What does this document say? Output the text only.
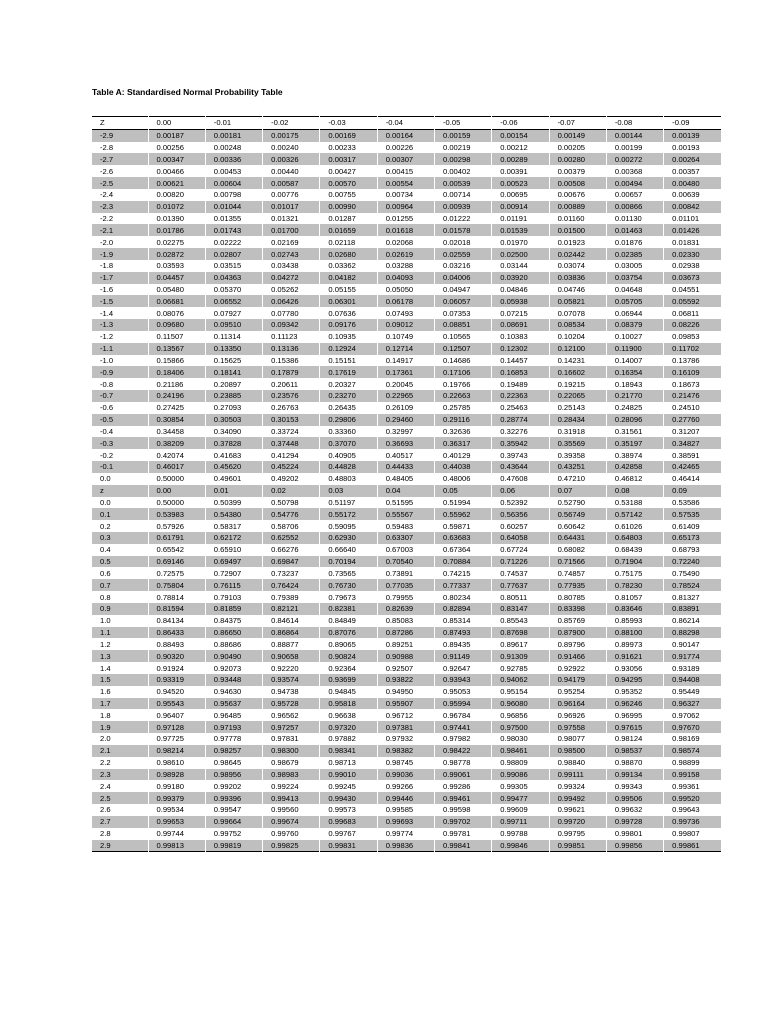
Table A: Standardised Normal Probability Table
Z	0.00	-0.01	-0.02	-0.03	-0.04	-0.05	-0.06	-0.07	-0.08	-0.09
-2.9	0.00187	0.00181	0.00175	0.00169	0.00164	0.00159	0.00154	0.00149	0.00144	0.00139
-2.8	0.00256	0.00248	0.00240	0.00233	0.00226	0.00219	0.00212	0.00205	0.00199	0.00193
-2.7	0.00347	0.00336	0.00326	0.00317	0.00307	0.00298	0.00289	0.00280	0.00272	0.00264
-2.6	0.00466	0.00453	0.00440	0.00427	0.00415	0.00402	0.00391	0.00379	0.00368	0.00357
-2.5	0.00621	0.00604	0.00587	0.00570	0.00554	0.00539	0.00523	0.00508	0.00494	0.00480
-2.4	0.00820	0.00798	0.00776	0.00755	0.00734	0.00714	0.00695	0.00676	0.00657	0.00639
-2.3	0.01072	0.01044	0.01017	0.00990	0.00964	0.00939	0.00914	0.00889	0.00866	0.00842
-2.2	0.01390	0.01355	0.01321	0.01287	0.01255	0.01222	0.01191	0.01160	0.01130	0.01101
-2.1	0.01786	0.01743	0.01700	0.01659	0.01618	0.01578	0.01539	0.01500	0.01463	0.01426
-2.0	0.02275	0.02222	0.02169	0.02118	0.02068	0.02018	0.01970	0.01923	0.01876	0.01831
-1.9	0.02872	0.02807	0.02743	0.02680	0.02619	0.02559	0.02500	0.02442	0.02385	0.02330
-1.8	0.03593	0.03515	0.03438	0.03362	0.03288	0.03216	0.03144	0.03074	0.03005	0.02938
-1.7	0.04457	0.04363	0.04272	0.04182	0.04093	0.04006	0.03920	0.03836	0.03754	0.03673
-1.6	0.05480	0.05370	0.05262	0.05155	0.05050	0.04947	0.04846	0.04746	0.04648	0.04551
-1.5	0.06681	0.06552	0.06426	0.06301	0.06178	0.06057	0.05938	0.05821	0.05705	0.05592
-1.4	0.08076	0.07927	0.07780	0.07636	0.07493	0.07353	0.07215	0.07078	0.06944	0.06811
-1.3	0.09680	0.09510	0.09342	0.09176	0.09012	0.08851	0.08691	0.08534	0.08379	0.08226
-1.2	0.11507	0.11314	0.11123	0.10935	0.10749	0.10565	0.10383	0.10204	0.10027	0.09853
-1.1	0.13567	0.13350	0.13136	0.12924	0.12714	0.12507	0.12302	0.12100	0.11900	0.11702
-1.0	0.15866	0.15625	0.15386	0.15151	0.14917	0.14686	0.14457	0.14231	0.14007	0.13786
-0.9	0.18406	0.18141	0.17879	0.17619	0.17361	0.17106	0.16853	0.16602	0.16354	0.16109
-0.8	0.21186	0.20897	0.20611	0.20327	0.20045	0.19766	0.19489	0.19215	0.18943	0.18673
-0.7	0.24196	0.23885	0.23576	0.23270	0.22965	0.22663	0.22363	0.22065	0.21770	0.21476
-0.6	0.27425	0.27093	0.26763	0.26435	0.26109	0.25785	0.25463	0.25143	0.24825	0.24510
-0.5	0.30854	0.30503	0.30153	0.29806	0.29460	0.29116	0.28774	0.28434	0.28096	0.27760
-0.4	0.34458	0.34090	0.33724	0.33360	0.32997	0.32636	0.32276	0.31918	0.31561	0.31207
-0.3	0.38209	0.37828	0.37448	0.37070	0.36693	0.36317	0.35942	0.35569	0.35197	0.34827
-0.2	0.42074	0.41683	0.41294	0.40905	0.40517	0.40129	0.39743	0.39358	0.38974	0.38591
-0.1	0.46017	0.45620	0.45224	0.44828	0.44433	0.44038	0.43644	0.43251	0.42858	0.42465
0.0	0.50000	0.49601	0.49202	0.48803	0.48405	0.48006	0.47608	0.47210	0.46812	0.46414
z	0.00	0.01	0.02	0.03	0.04	0.05	0.06	0.07	0.08	0.09
0.0	0.50000	0.50399	0.50798	0.51197	0.51595	0.51994	0.52392	0.52790	0.53188	0.53586
0.1	0.53983	0.54380	0.54776	0.55172	0.55567	0.55962	0.56356	0.56749	0.57142	0.57535
0.2	0.57926	0.58317	0.58706	0.59095	0.59483	0.59871	0.60257	0.60642	0.61026	0.61409
0.3	0.61791	0.62172	0.62552	0.62930	0.63307	0.63683	0.64058	0.64431	0.64803	0.65173
0.4	0.65542	0.65910	0.66276	0.66640	0.67003	0.67364	0.67724	0.68082	0.68439	0.68793
0.5	0.69146	0.69497	0.69847	0.70194	0.70540	0.70884	0.71226	0.71566	0.71904	0.72240
0.6	0.72575	0.72907	0.73237	0.73565	0.73891	0.74215	0.74537	0.74857	0.75175	0.75490
0.7	0.75804	0.76115	0.76424	0.76730	0.77035	0.77337	0.77637	0.77935	0.78230	0.78524
0.8	0.78814	0.79103	0.79389	0.79673	0.79955	0.80234	0.80511	0.80785	0.81057	0.81327
0.9	0.81594	0.81859	0.82121	0.82381	0.82639	0.82894	0.83147	0.83398	0.83646	0.83891
1.0	0.84134	0.84375	0.84614	0.84849	0.85083	0.85314	0.85543	0.85769	0.85993	0.86214
1.1	0.86433	0.86650	0.86864	0.87076	0.87286	0.87493	0.87698	0.87900	0.88100	0.88298
1.2	0.88493	0.88686	0.88877	0.89065	0.89251	0.89435	0.89617	0.89796	0.89973	0.90147
1.3	0.90320	0.90490	0.90658	0.90824	0.90988	0.91149	0.91309	0.91466	0.91621	0.91774
1.4	0.91924	0.92073	0.92220	0.92364	0.92507	0.92647	0.92785	0.92922	0.93056	0.93189
1.5	0.93319	0.93448	0.93574	0.93699	0.93822	0.93943	0.94062	0.94179	0.94295	0.94408
1.6	0.94520	0.94630	0.94738	0.94845	0.94950	0.95053	0.95154	0.95254	0.95352	0.95449
1.7	0.95543	0.95637	0.95728	0.95818	0.95907	0.95994	0.96080	0.96164	0.96246	0.96327
1.8	0.96407	0.96485	0.96562	0.96638	0.96712	0.96784	0.96856	0.96926	0.96995	0.97062
1.9	0.97128	0.97193	0.97257	0.97320	0.97381	0.97441	0.97500	0.97558	0.97615	0.97670
2.0	0.97725	0.97778	0.97831	0.97882	0.97932	0.97982	0.98030	0.98077	0.98124	0.98169
2.1	0.98214	0.98257	0.98300	0.98341	0.98382	0.98422	0.98461	0.98500	0.98537	0.98574
2.2	0.98610	0.98645	0.98679	0.98713	0.98745	0.98778	0.98809	0.98840	0.98870	0.98899
2.3	0.98928	0.98956	0.98983	0.99010	0.99036	0.99061	0.99086	0.99111	0.99134	0.99158
2.4	0.99180	0.99202	0.99224	0.99245	0.99266	0.99286	0.99305	0.99324	0.99343	0.99361
2.5	0.99379	0.99396	0.99413	0.99430	0.99446	0.99461	0.99477	0.99492	0.99506	0.99520
2.6	0.99534	0.99547	0.99560	0.99573	0.99585	0.99598	0.99609	0.99621	0.99632	0.99643
2.7	0.99653	0.99664	0.99674	0.99683	0.99693	0.99702	0.99711	0.99720	0.99728	0.99736
2.8	0.99744	0.99752	0.99760	0.99767	0.99774	0.99781	0.99788	0.99795	0.99801	0.99807
2.9	0.99813	0.99819	0.99825	0.99831	0.99836	0.99841	0.99846	0.99851	0.99856	0.99861
